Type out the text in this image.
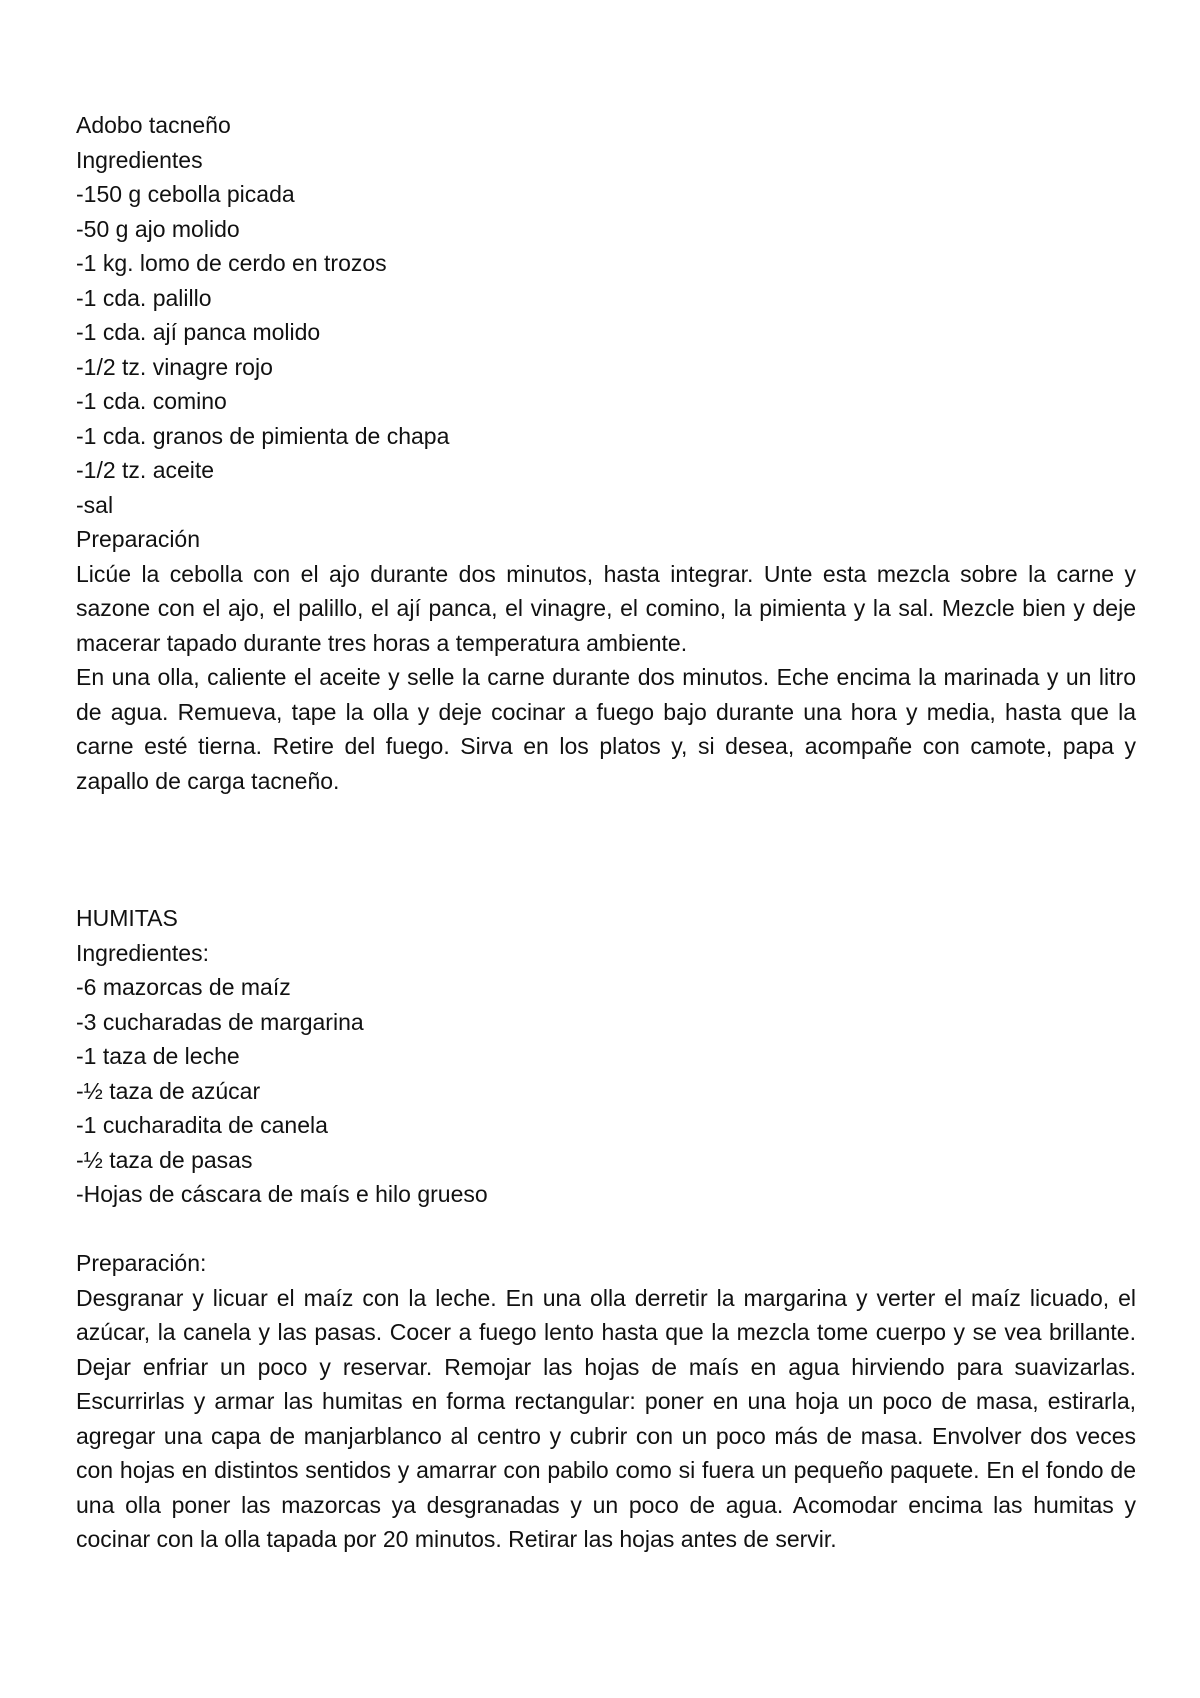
Adobo tacneño
Ingredientes
-150 g cebolla picada
-50 g ajo molido
-1 kg. lomo de cerdo en trozos
-1 cda. palillo
-1 cda. ají panca molido
-1/2 tz. vinagre rojo
-1 cda. comino
-1 cda. granos de pimienta de chapa
-1/2 tz. aceite
-sal
Preparación

Licúe la cebolla con el ajo durante dos minutos, hasta integrar. Unte esta mezcla sobre la carne y sazone con el ajo, el palillo, el ají panca, el vinagre, el comino, la pimienta y la sal. Mezcle bien y deje macerar tapado durante tres horas a temperatura ambiente.

En una olla, caliente el aceite y selle la carne durante dos minutos. Eche encima la marinada y un litro de agua. Remueva, tape la olla y deje cocinar a fuego bajo durante una hora y media, hasta que la carne esté tierna. Retire del fuego. Sirva en los platos y, si desea, acompañe con camote, papa y zapallo de carga tacneño.

HUMITAS
Ingredientes:
-6 mazorcas de maíz
-3 cucharadas de margarina
-1 taza de leche
-½ taza de azúcar
-1 cucharadita de canela
-½ taza de pasas
-Hojas de cáscara de maís e hilo grueso
Preparación:

Desgranar y licuar el maíz con la leche. En una olla derretir la margarina y verter el maíz licuado, el azúcar, la canela y las pasas. Cocer a fuego lento hasta que la mezcla tome cuerpo y se vea brillante. Dejar enfriar un poco y reservar. Remojar las hojas de maís en agua hirviendo para suavizarlas. Escurrirlas y armar las humitas en forma rectangular: poner en una hoja un poco de masa, estirarla, agregar una capa de manjarblanco al centro y cubrir con un poco más de masa. Envolver dos veces con hojas en distintos sentidos y amarrar con pabilo como si fuera un pequeño paquete. En el fondo de una olla poner las mazorcas ya desgranadas y un poco de agua. Acomodar encima las humitas y cocinar con la olla tapada por 20 minutos. Retirar las hojas antes de servir.
